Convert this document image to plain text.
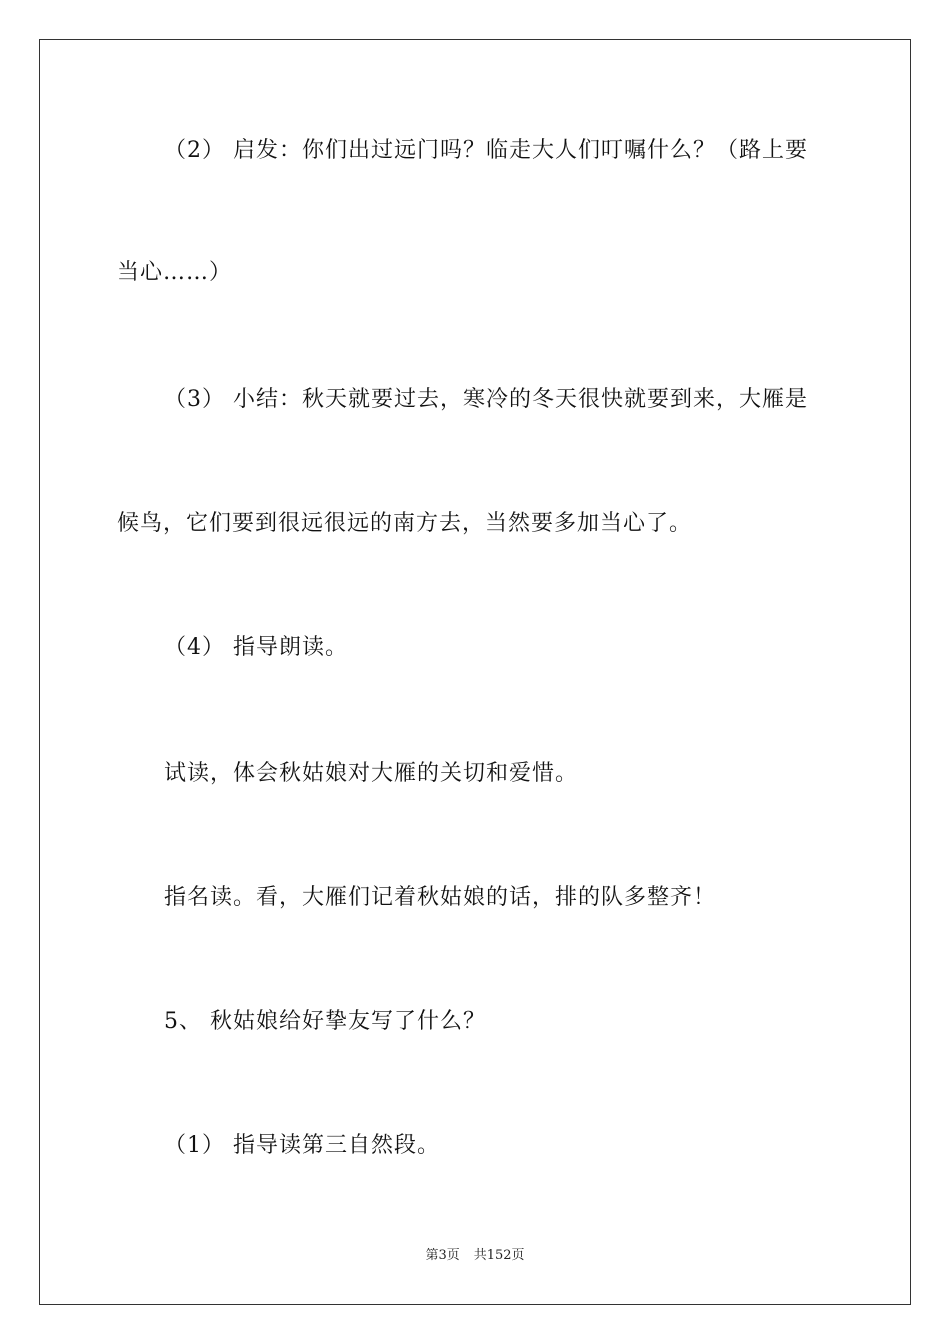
（2） 启发：你们出过远门吗？临走大人们叮嘱什么？（路上要
当心……）
（3） 小结：秋天就要过去，寒冷的冬天很快就要到来，大雁是
候鸟，它们要到很远很远的南方去，当然要多加当心了。
（4） 指导朗读。
试读，体会秋姑娘对大雁的关切和爱惜。
指名读。看，大雁们记着秋姑娘的话，排的队多整齐！
5、 秋姑娘给好挚友写了什么？
（1） 指导读第三自然段。
第3页 共152页
